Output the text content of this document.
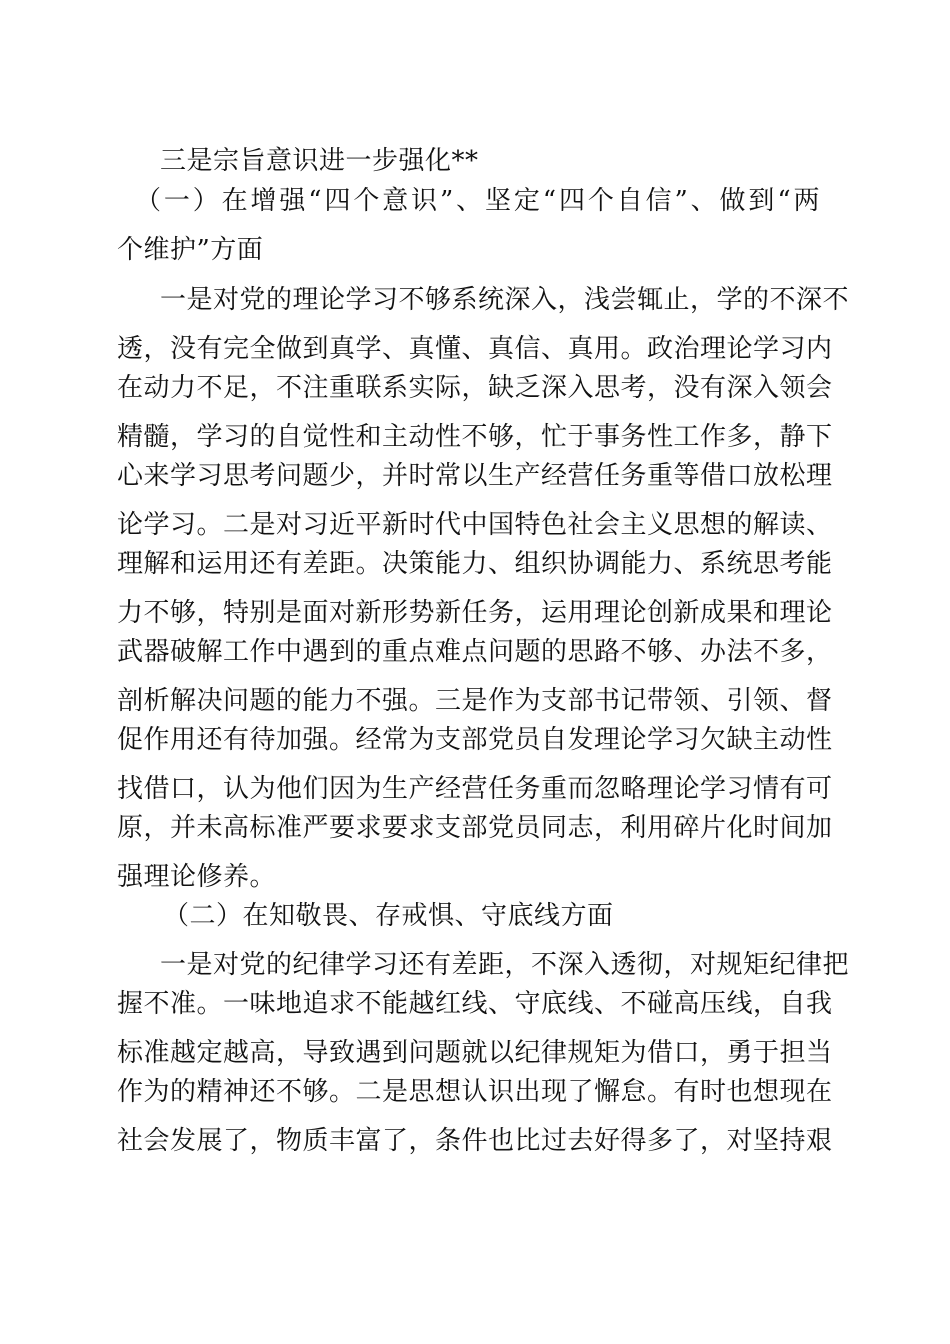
三是宗旨意识进一步强化**
（一）在增强“四个意识”、坚定“四个自信”、做到“两
个维护”方面
一是对党的理论学习不够系统深入，浅尝辄止，学的不深不
透，没有完全做到真学、真懂、真信、真用。政治理论学习内
在动力不足，不注重联系实际，缺乏深入思考，没有深入领会
精髓，学习的自觉性和主动性不够，忙于事务性工作多，静下
心来学习思考问题少，并时常以生产经营任务重等借口放松理
论学习。二是对习近平新时代中国特色社会主义思想的解读、
理解和运用还有差距。决策能力、组织协调能力、系统思考能
力不够，特别是面对新形势新任务，运用理论创新成果和理论
武器破解工作中遇到的重点难点问题的思路不够、办法不多，
剖析解决问题的能力不强。三是作为支部书记带领、引领、督
促作用还有待加强。经常为支部党员自发理论学习欠缺主动性
找借口，认为他们因为生产经营任务重而忽略理论学习情有可
原，并未高标准严要求要求支部党员同志，利用碎片化时间加
强理论修养。
（二）在知敬畏、存戒惧、守底线方面
一是对党的纪律学习还有差距，不深入透彻，对规矩纪律把
握不准。一味地追求不能越红线、守底线、不碰高压线，自我
标准越定越高，导致遇到问题就以纪律规矩为借口，勇于担当
作为的精神还不够。二是思想认识出现了懈怠。有时也想现在
社会发展了，物质丰富了，条件也比过去好得多了，对坚持艰
